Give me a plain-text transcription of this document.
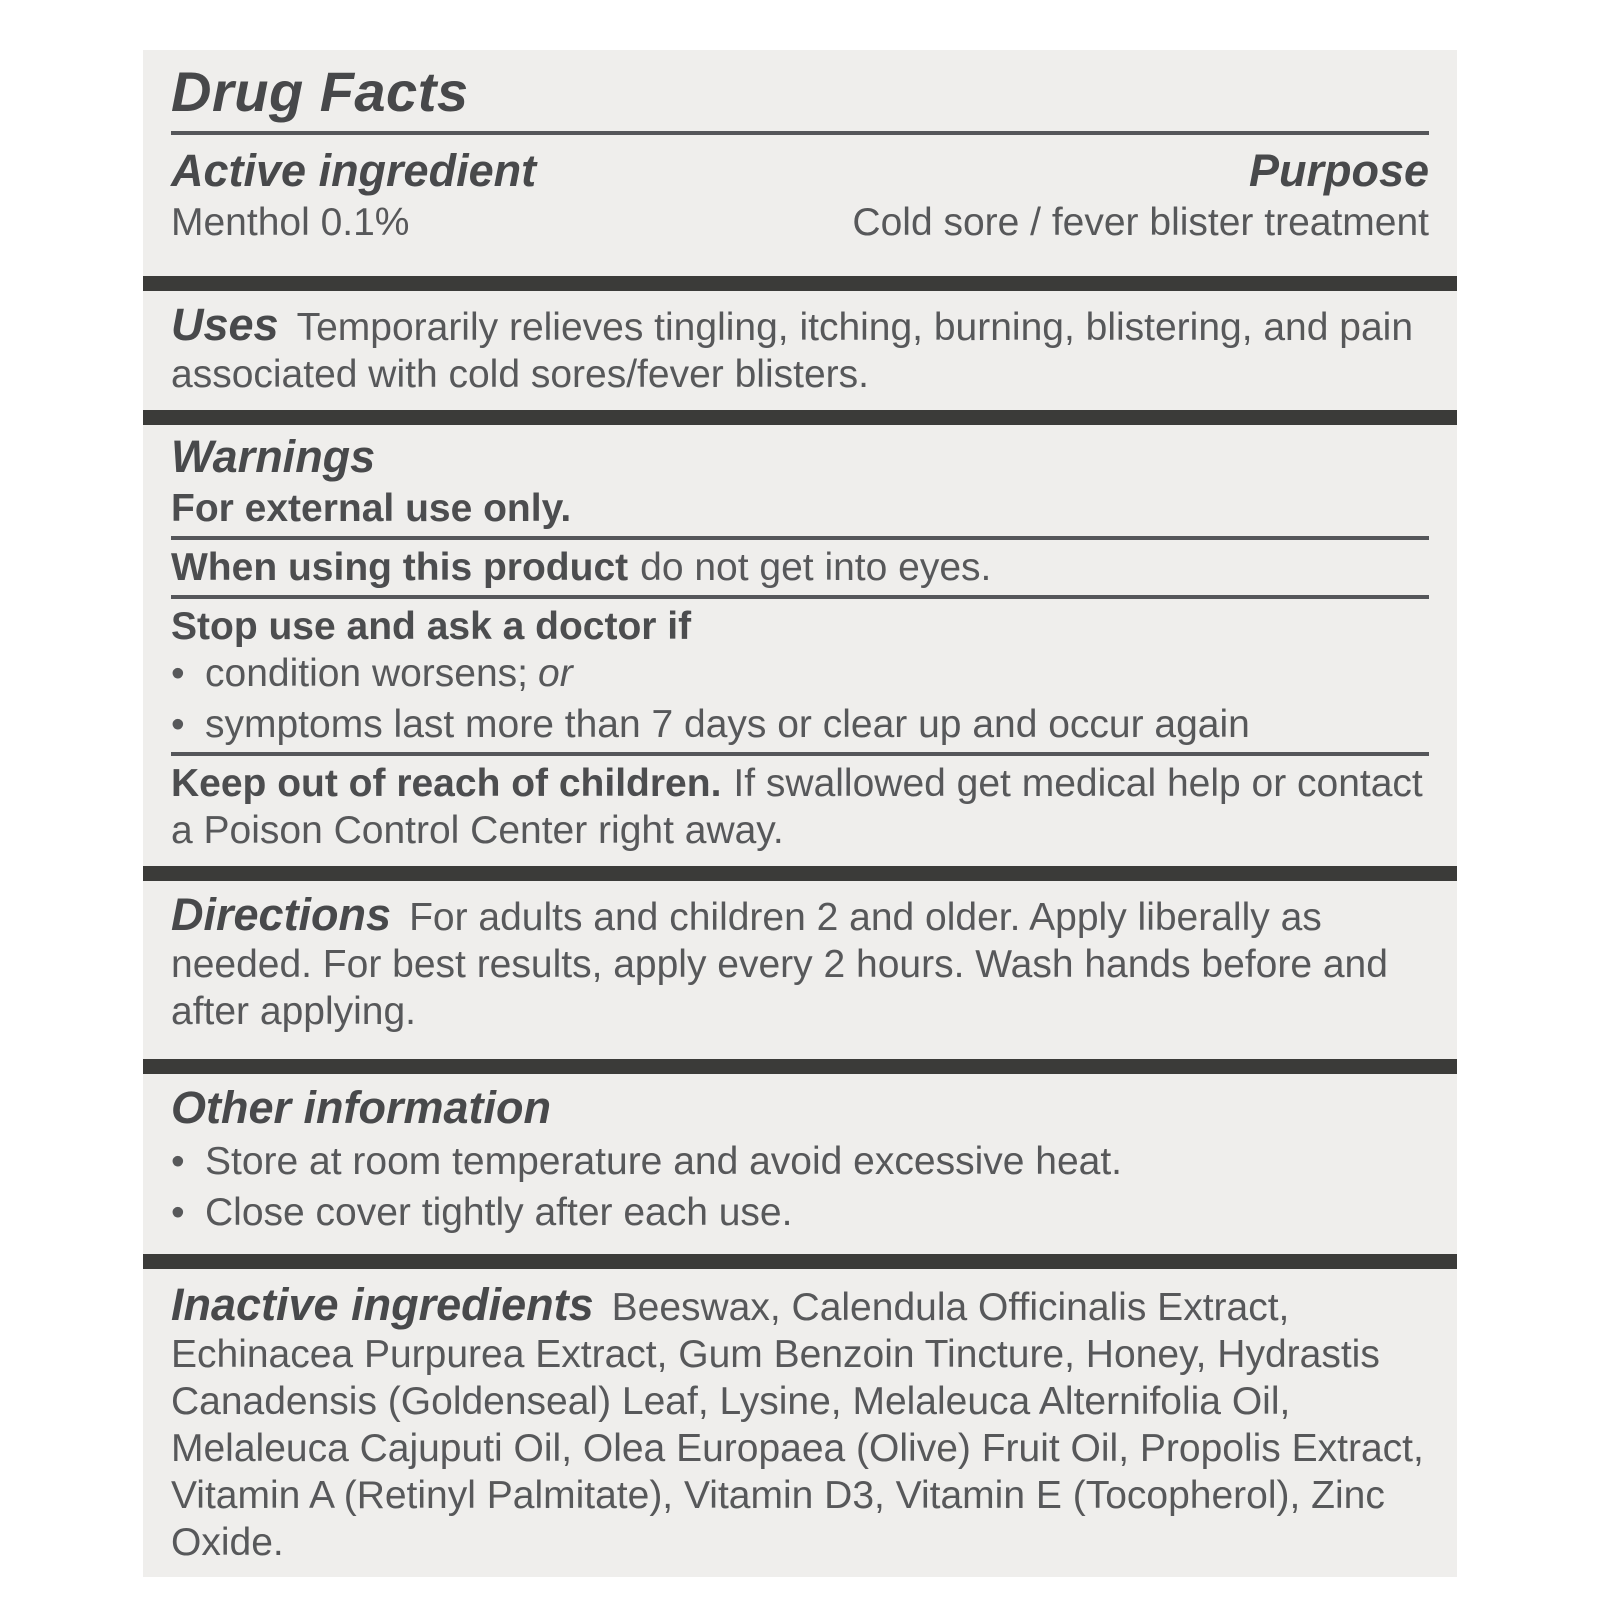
Drug Facts
Active ingredient
Menthol 0.1%
Purpose
Cold sore / fever blister treatment

Uses Temporarily relieves tingling, itching, burning, blistering, and pain associated with cold sores/fever blisters.

Warnings

For external use only.

When using this product do not get into eyes.

Stop use and ask a doctor if

• condition worsens; or
• symptoms last more than 7 days or clear up and occur again

Keep out of reach of children. If swallowed get medical help or contact a Poison Control Center right away.

Directions For adults and children 2 and older. Apply liberally as needed. For best results, apply every 2 hours. Wash hands before and after applying.

Other information
• Store at room temperature and avoid excessive heat.
• Close cover tightly after each use.

Inactive ingredients Beeswax, Calendula Officinalis Extract, Echinacea Purpurea Extract, Gum Benzoin Tincture, Honey, Hydrastis Canadensis (Goldenseal) Leaf, Lysine, Melaleuca Alternifolia Oil, Melaleuca Cajuputi Oil, Olea Europaea (Olive) Fruit Oil, Propolis Extract, Vitamin A (Retinyl Palmitate), Vitamin D3, Vitamin E (Tocopherol), Zinc Oxide.
